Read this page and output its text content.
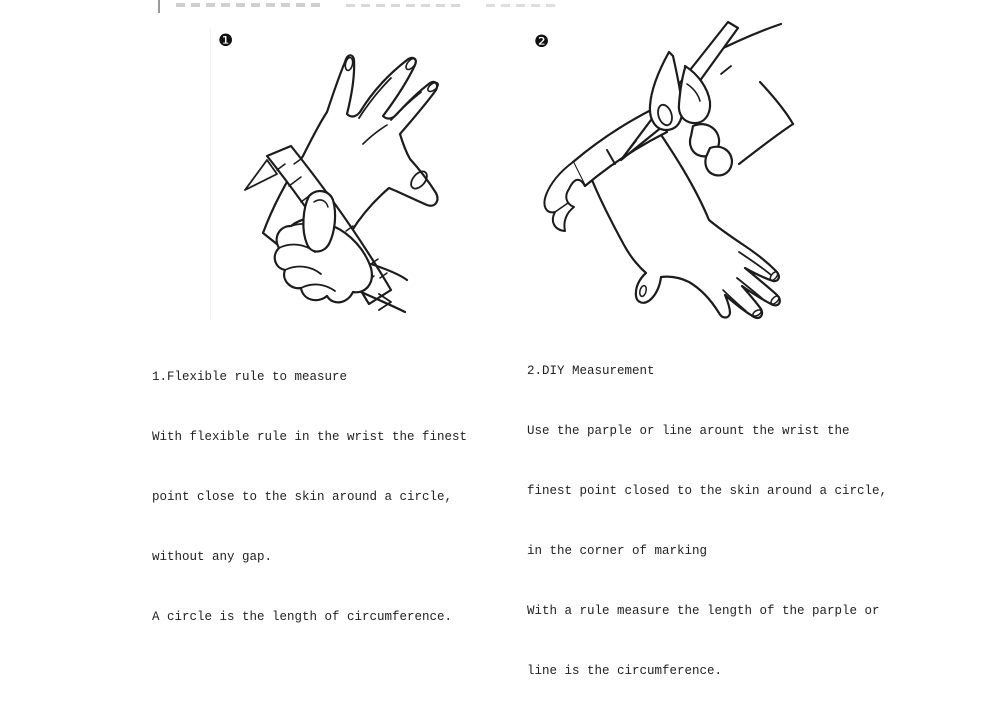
❶	❷

1.Flexible rule to measure

With flexible rule in the wrist the finest

point close to the skin around a circle,

without any gap.

A circle is the length of circumference.

2.DIY Measurement

Use the parple or line arount the wrist the

finest point closed to the skin around a circle,

in the corner of marking

With a rule measure the length of the parple or

line is the circumference.
